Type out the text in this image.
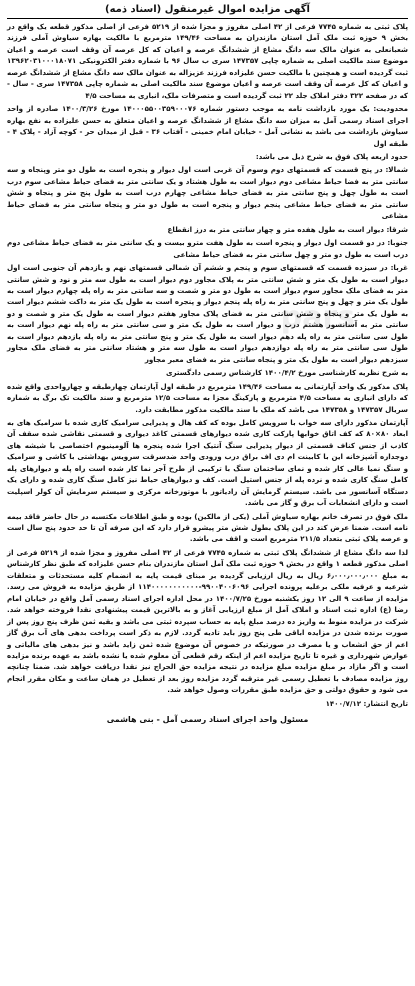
pars
آگهی مزایده اموال غیرمنقول (اسناد ذمه)

پلاک ثبتی به شماره ۷۷۴۵ فرعی از ۴۲ اصلی مفروز و مجزا شده از ۵۲۱۹ فرعی از اصلی مذکور قطعه یک واقع در بخش ۹ حوزه ثبت ملک آمل استان مازندران به مساحت ۱۴۹/۴۶ مترمربع با مالکیت بهاره سیاوش آملی فرزند شعبانعلی به عنوان مالک سه دانگ مشاع از ششدانگ عرصه و اعیان که کل عرصه آن وقف است عرصه و اعیان موضوع سند مالکیت اصلی به شماره چاپی ۱۴۷۳۵۷ سری ب سال ۹۶ با شماره دفتر الکترونیکی ۱۳۹۶۲۰۳۱۰۰۰۱۸۰۷۱ ثبت گردیده است و همچنین با مالکیت حسن علیزاده فرزند عزیزاله به عنوان مالک سه دانگ مشاع از ششدانگ عرصه و اعیان که کل عرصه آن وقف است عرصه و اعیان موضوع سند مالکیت اصلی به شماره چاپی ۱۴۷۳۵۸ سری - سال - که در صفحه ۳۲۲ دفتر املاک جلد ۲۲ ثبت گردیده است و متصرفات ملک، انباری به مساحت ۴/۵

محدودیت: یک مورد بازداشت نامه به موجب دستور شماره ۱۴۰۰۰۵۵۰۰۳۵۹۰۰۰۷۶ مورخ ۱۴۰۰/۳/۲۶ صادره از واحد اجرای اسناد رسمی آمل به میزان سه دانگ مشاع از ششدانگ عرصه و اعیان متعلق به حسن علیزاده به نفع بهاره سیاوش بازداشت می باشد به نشانی آمل - خیابان امام خمینی - آفتاب ۳۶ - قبل از میدان حر - کوچه آزاد - پلاک ۴ - طبقه اول

حدود اربعه پلاک فوق به شرح ذیل می باشد:

شمالا: در پنج قسمت که قسمتهای دوم وسوم آن غربی است اول دیوار و پنجره است به طول دو متر وپنجاه و سه سانتی متر به فضا حیاط مشاعی دوم دیوار است به طول هشتاد و یک سانتی متر به فضای حیاط مشاعی سوم درب است به طول چهل و پنج سانتی متر به فضای حیاط مشاعی چهارم درب است به طول پنج متر و پنجاه و شش سانتی متر به فضای حیاط مشاعی پنجم دیوار و پنجره است به طول دو متر و پنجاه سانتی متر به فضای حیاط مشاعی

شرقا: دیوار است به طول هفده متر و چهار سانتی متر به درز انقطاع

جنوبا: در دو قسمت اول دیوار و پنجره است به طول هفت مترو بیست و یک سانتی متر به فضای حیاط مشاعی دوم درب است به طول دو متر و چهل سانتی متر به فضای حیاط مشاعی

غربا: در سیزده قسمت که قسمتهای سوم و پنجم و ششم آن شمالی قسمتهای نهم و یازدهم آن جنوبی است اول دیوار است به طول یک متر و شش سانتی متر به پلاک مجاور دوم دیوار است به طول سه متر و نود و شش سانتی متر به فضای ملک مجاور سوم دیوار است به طول دو متر و شصت و سه سانتی متر به راه پله چهارم دیوار است به طول یک متر و چهل و پنج سانتی متر به راه پله پنجم دیوار و پنجره است به طول یک متر به داکت ششم دیوار است به طول یک متر و پنجاه و شش سانتی متر به فضای پلاک مجاور هفتم دیوار است به طول یک متر و شصت و دو سانتی متر به آسانسور هشتم درب و دیوار است به طول یک متر و سی سانتی متر به راه پله نهم دیوار است به طول سی سانتی متر به راه پله دهم دیوار است به طول یک متر و پنج سانتی متر به راه پله یازدهم دیوار است به طول سی سانتی متر به راه پله دوازدهم دیوار است به طول سه متر و هشتاد سانتی متر به فضای ملک مجاور سیزدهم دیوار است به طول یک متر و پنجاه سانتی متر به فضای معبر مجاور

به شرح نظریه کارشناسی مورخ ۱۴۰۰/۴/۲ کارشناس رسمی دادگستری

پلاک مذکور یک واحد آپارتمانی به مساحت ۱۴۹/۴۶ مترمربع در طبقه اول آپارتمان چهارطبقه و چهارواحدی واقع شده که دارای انباری به مساحت ۴/۵ مترمربع و پارکینگ مجزا به مساحت ۱۲/۵ مترمربع و سند مالکیت تک برگ به شماره سریال ۱۴۷۳۵۷ و ۱۴۷۳۵۸ می باشد که ملک با سند مالکیت مذکور مطابقت دارد.

آپارتمان مذکور دارای سه خواب با سرویس کامل بوده که کف هال و پذیرایی سرامیک کاری شده با سرامیک های به ابعاد ۸۰×۸۰ که کف اتاق خوابها پارکت کاری شده دیوارهای قسمتی کاغذ دیواری و قسمتی نقاشی شده سقف آن کاذب از جنس کناف قسمتی از دیوار پذیرایی سنگ آنتیک اجرا شده پنجره ها آلومینیوم اختصاصی با شیشه های دوجداره آشپزخانه این با کابینت ام دی اف براق درب ورودی واحد ضدسرقت سرویس بهداشتی با کاشی و سرامیک و سنگ نمیا عالی کار شده و نمای ساختمان سنگ با ترکیبی از طرح آجر نما کار شده است راه پله و دیوارهای پله کامل سنگ کاری شده و نرده پله از جنس استیل است. کف و دیوارهای حیاط نیز کامل سنگ کاری شده و دارای یک دستگاه آسانسور می باشد. سیستم گرمایش آن رادیاتور با موتورخانه مرکزی و سیستم سرمایش آن کولر اسپلیت است و دارای انشعابات آب برق و گاز می باشد.

ملک فوق در تصرف خانم بهاره سیاوش آملی (یکی از مالکین) بوده و طبق اطلاعات مکتسبه در حال حاضر فاقد بیمه نامه است. ضمنا عرض کند در این پلاک بطول شش متر پیشرو قرار دارد که این صرفه آن تا حد حدود پنج سال است و عرصه پلاک ثبتی بتعداد ۲۱۱/۵ مترمربع است و اقف می باشد.

لذا سه دانگ مشاع از ششدانگ پلاک ثبتی به شماره ۷۷۴۵ فرعی از ۴۲ اصلی مفروز و مجزا شده از ۵۲۱۹ فرعی از اصلی مذکور قطعه ۱ واقع در بخش ۹ حوزه ثبت ملک آمل استان مازندران بنام حسن علیزاده که طبق نظر کارشناس به مبلغ ۶٫۰۰۰٫۰۰۰٫۰۰۰ ریال به ریال ارزیابی گردیده بر مبنای قیمت پایه به انضمام کلیه مستحدثات و متعلقات شرعیه و عرفیه ملکی برعلیه پرونده اجرایی ۹۹۰۰۴۰۰۶۰۹۶-۱۱۴۰۰۰۰۰۰۰۰۰۰۰ از طریق مزایده به فروش می رسد. مزایده از ساعت ۹ الی ۱۲ روز یکشنبه مورخ ۱۴۰۰/۷/۲۵ در محل اداره اجرای اسناد رسمی آمل واقع در خیابان امام رضا (ع) اداره ثبت اسناد و املاک آمل از مبلغ ارزیابی آغاز و به بالاترین قیمت پیشنهادی نقدا فروخته خواهد شد. شرکت در مزایده منوط به واریز ده درصد مبلغ پایه به حساب سپرده ثبتی می باشد و بقیه ثمن ظرف پنج روز پس از صورت برنده شدن در مزایده اباقی طی پنج روز باید تادیه گردد. لازم به ذکر است پرداخت بدهی های آب برق گاز اعم از حق انشعاب و یا مصرف در صورتیکه در خصوص آن موضوع شده ثمن زاید باشد و نیز بدهی های مالیاتی و عوارض شهرداری و غیره تا تاریخ مزایده اعم از اینکه رقم قطعی آن معلوم شده یا نشده باشد به عهده برنده مزایده است و اگر مازاد بر مبلغ مزایده مبلغ مزایده در نتیجه مزایده حق الحراج نیز نقدا دریافت خواهد شد. ضمنا چنانچه روز مزایده مصادف با تعطیل رسمی غیر مترقبه گردد مزایده روز بعد از تعطیل در همان ساعت و مکان مقرر انجام می شود و حقوق دولتی و حق مزایده طبق مقررات وصول خواهد شد.

تاریخ انتشار: ۱۴۰۰/۷/۱۲

مسئول واحد اجرای اسناد رسمی آمل - بنی هاشمی
